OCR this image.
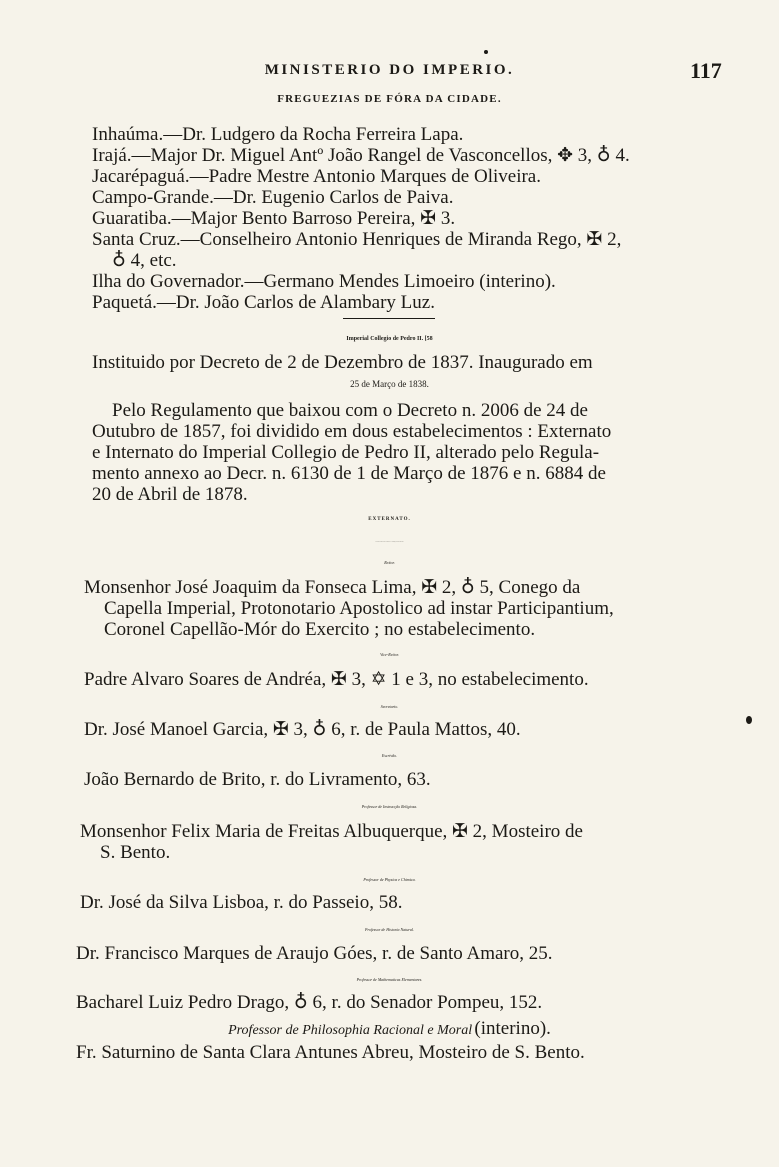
MINISTERIO DO IMPERIO.	117
FREGUEZIAS DE FÓRA DA CIDADE.
Inhaúma.—Dr. Ludgero da Rocha Ferreira Lapa.
Irajá.—Major Dr. Miguel Antº João Rangel de Vasconcellos, ✥ 3, ♁ 4.
Jacarépaguá.—Padre Mestre Antonio Marques de Oliveira.
Campo-Grande.—Dr. Eugenio Carlos de Paiva.
Guaratiba.—Major Bento Barroso Pereira, ✠ 3.
Santa Cruz.—Conselheiro Antonio Henriques de Miranda Rego, ✠ 2,
♁ 4, etc.
Ilha do Governador.—Germano Mendes Limoeiro (interino).
Paquetá.—Dr. João Carlos de Alambary Luz.
Imperial Collegio de Pedro II. [58
Instituido por Decreto de 2 de Dezembro de 1837. Inaugurado em
25 de Março de 1838.
Pelo Regulamento que baixou com o Decreto n. 2006 de 24 de
Outubro de 1857, foi dividido em dous estabelecimentos : Externato
e Internato do Imperial Collegio de Pedro II, alterado pelo Regula-
mento annexo ao Decr. n. 6130 de 1 de Março de 1876 e n. 6884 de
20 de Abril de 1878.
EXTERNATO.
No edificio a que pertence a igreja de S. Joaquim, na rua da Imperatriz.
Reitor.
Monsenhor José Joaquim da Fonseca Lima, ✠ 2, ♁ 5, Conego da
Capella Imperial, Protonotario Apostolico ad instar Participantium,
Coronel Capellão-Mór do Exercito ; no estabelecimento.
Vice-Reitor.
Padre Alvaro Soares de Andréa, ✠ 3, ✡ 1 e 3, no estabelecimento.
Secretario.
Dr. José Manoel Garcia, ✠ 3, ♁ 6, r. de Paula Mattos, 40.
Escrivão.
João Bernardo de Brito, r. do Livramento, 63.
Professor de Instrucção Religiosa.
Monsenhor Felix Maria de Freitas Albuquerque, ✠ 2, Mosteiro de
S. Bento.
Professor de Physica e Chimica.
Dr. José da Silva Lisboa, r. do Passeio, 58.
Professor de Historia Natural.
Dr. Francisco Marques de Araujo Góes, r. de Santo Amaro, 25.
Professor de Mathematicas Elementares.
Bacharel Luiz Pedro Drago, ♁ 6, r. do Senador Pompeu, 152.
Professor de Philosophia Racional e Moral (interino).
Fr. Saturnino de Santa Clara Antunes Abreu, Mosteiro de S. Bento.
